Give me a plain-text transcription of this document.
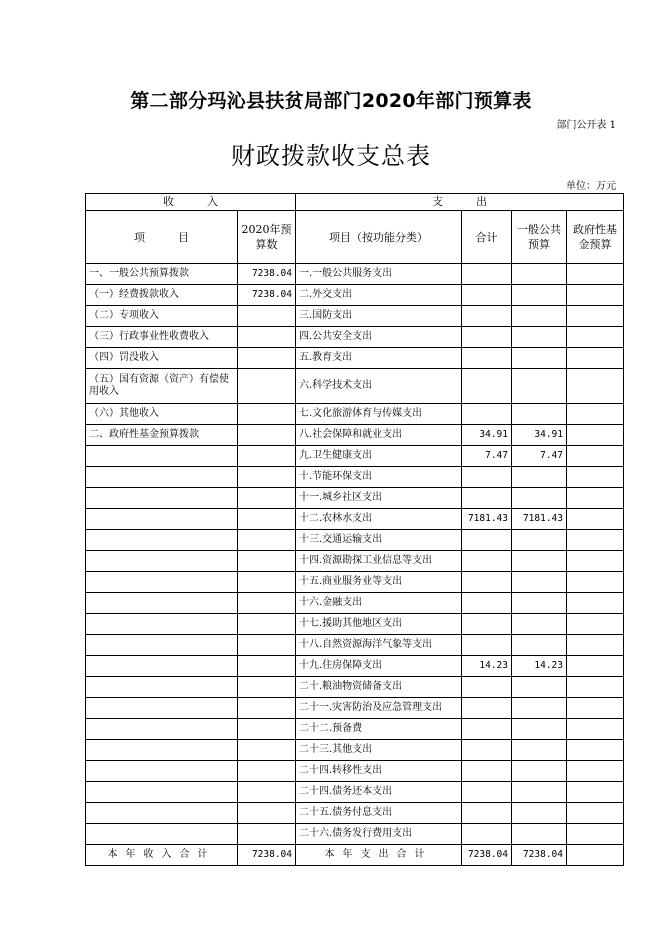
第二部分玛沁县扶贫局部门2020年部门预算表
部门公开表 1
财政拨款收支总表
单位：万元
收　　　入		支　　　出			
项　　　目	2020年预算数	项目（按功能分类）	合计	一般公共预算	政府性基金预算
一、一般公共预算拨款	7238.04	一.一般公共服务支出			
（一）经费拨款收入	7238.04	二.外交支出			
（二）专项收入		三.国防支出			
（三）行政事业性收费收入		四.公共安全支出			
（四）罚没收入		五.教育支出			
（五）国有资源（资产）有偿使用收入		六.科学技术支出			
（六）其他收入		七.文化旅游体育与传媒支出			
二、政府性基金预算拨款		八.社会保障和就业支出	34.91	34.91	
		九.卫生健康支出	7.47	7.47	
		十.节能环保支出			
		十一.城乡社区支出			
		十二.农林水支出	7181.43	7181.43	
		十三.交通运输支出			
		十四.资源勘探工业信息等支出			
		十五.商业服务业等支出			
		十六.金融支出			
		十七.援助其他地区支出			
		十八.自然资源海洋气象等支出			
		十九.住房保障支出	14.23	14.23	
		二十.粮油物资储备支出			
		二十一.灾害防治及应急管理支出			
		二十二.预备费			
		二十三.其他支出			
		二十四.转移性支出			
		二十四.债务还本支出			
		二十五.债务付息支出			
		二十六.债务发行费用支出			
本年收入合计	7238.04	本年支出合计	7238.04	7238.04	
